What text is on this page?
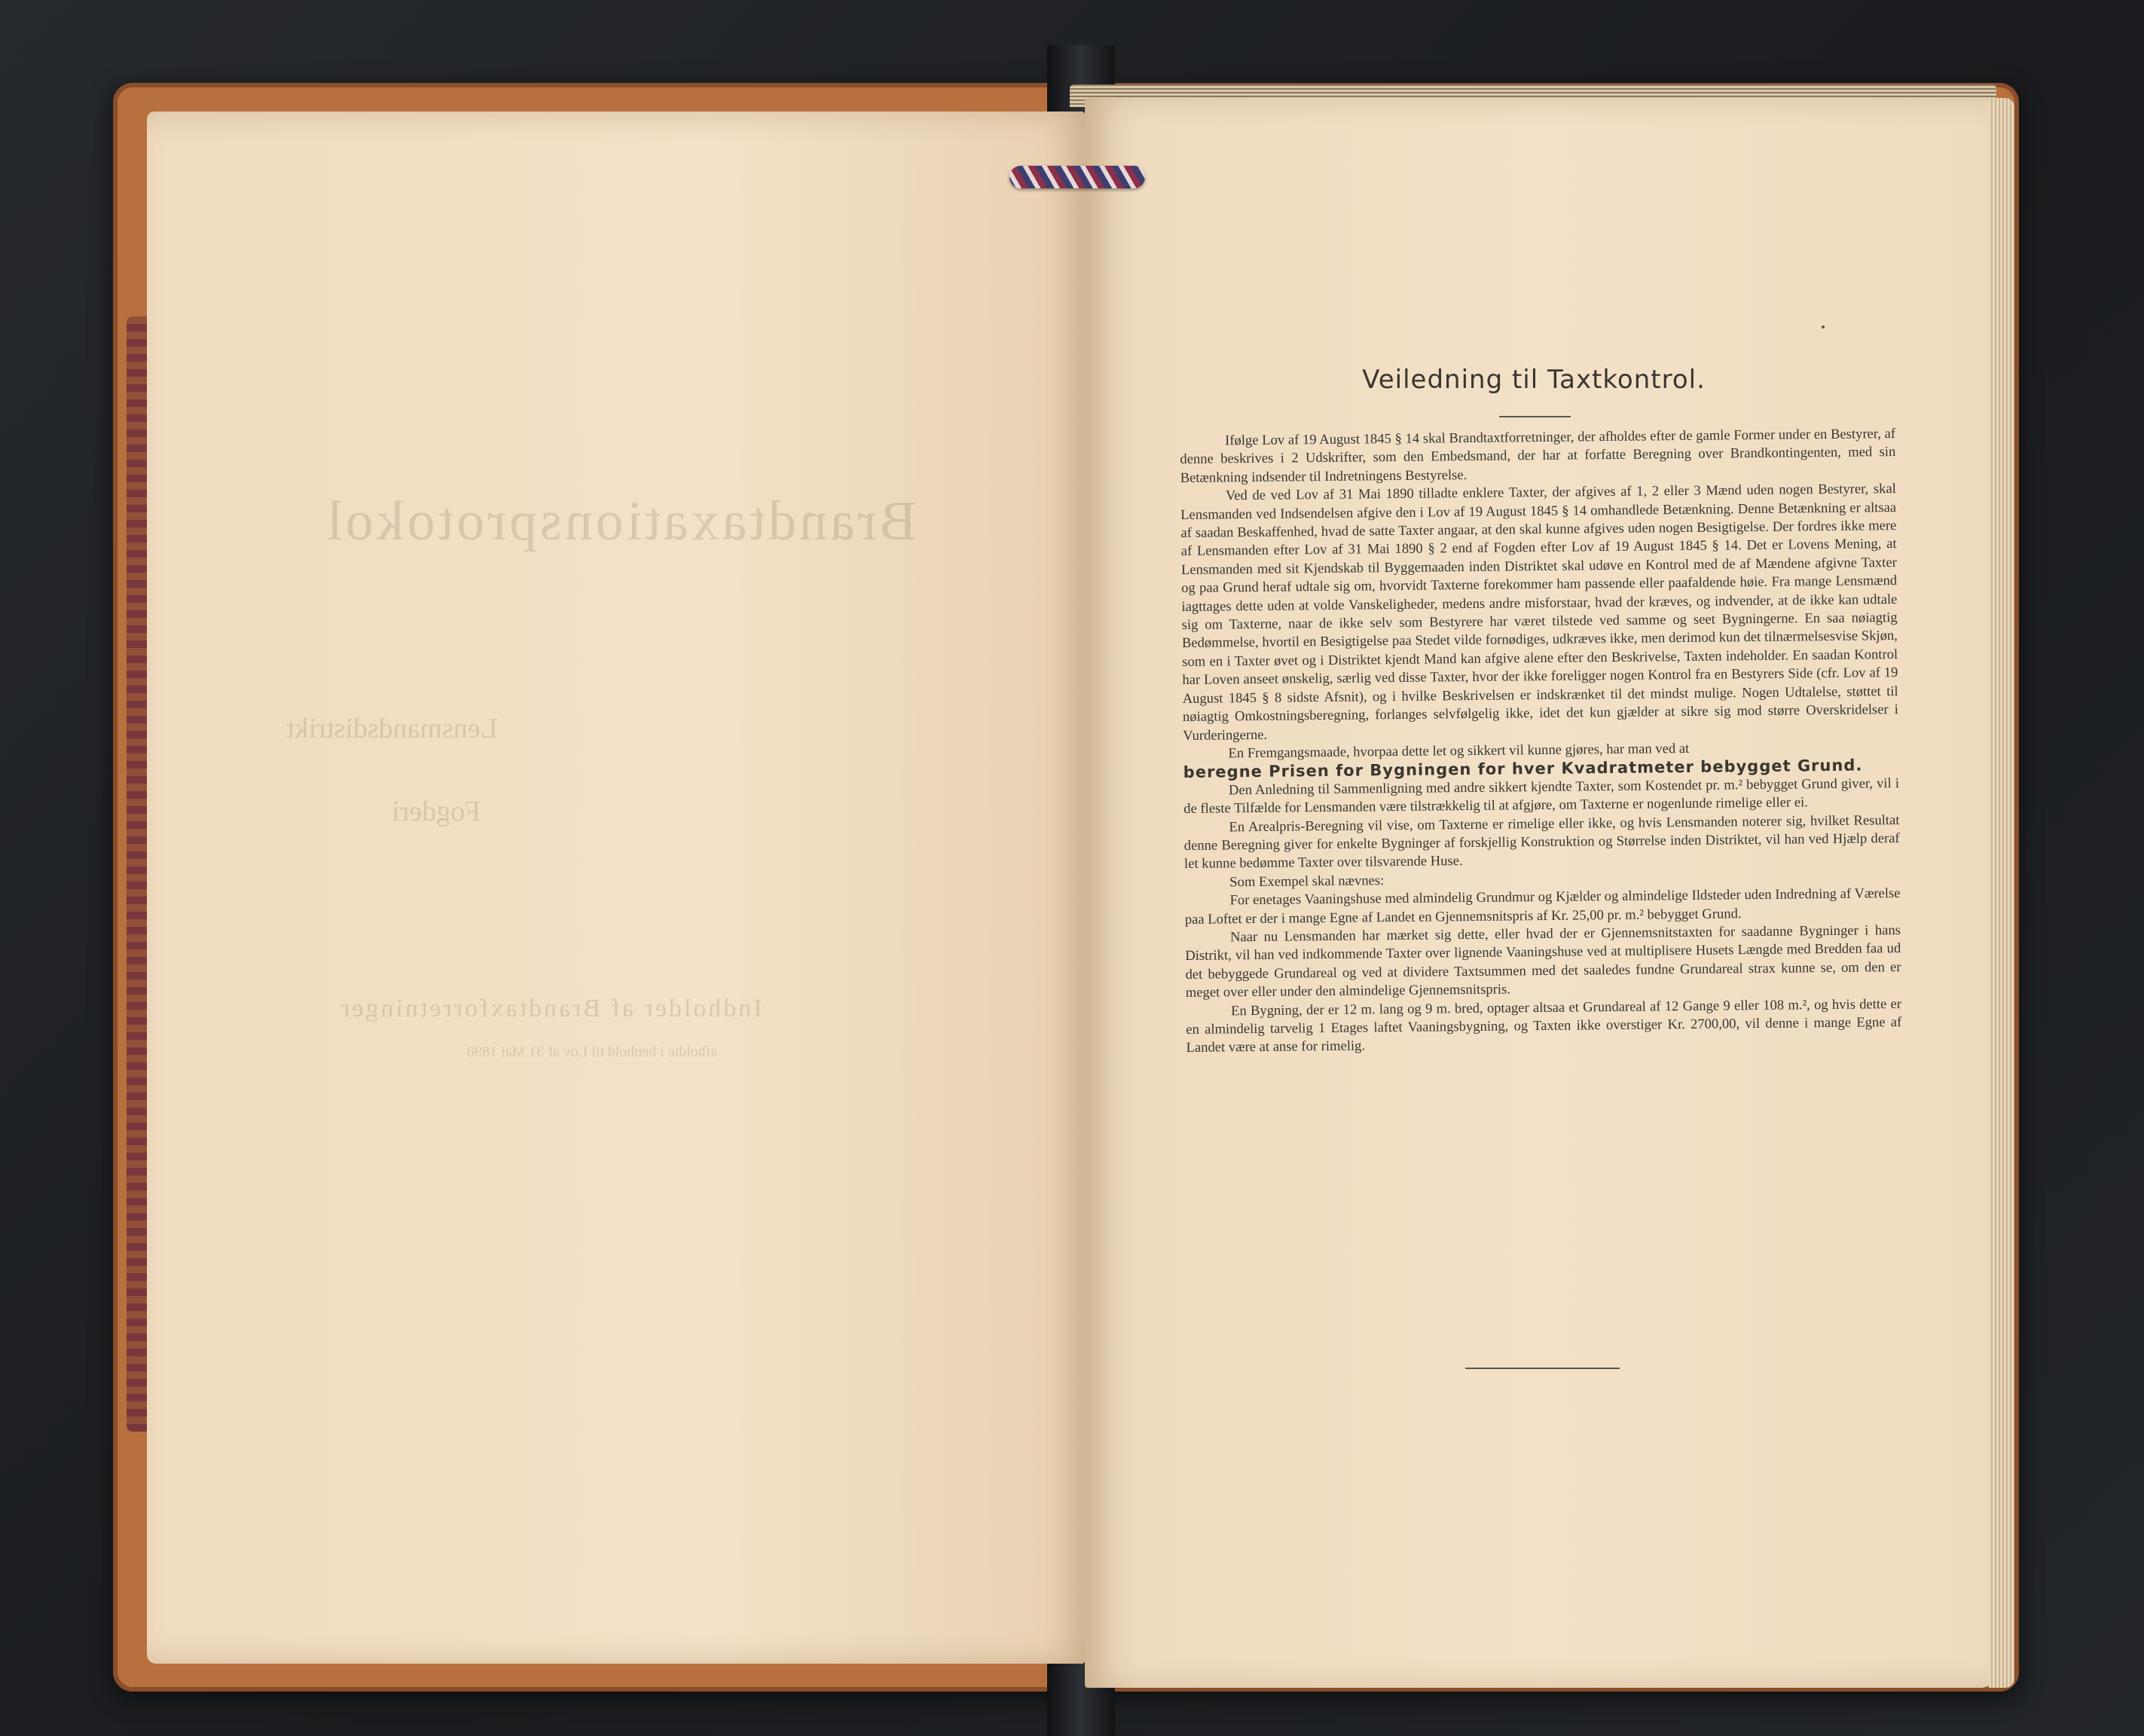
Brandtaxationsprotokol
Lensmandsdistrikt
Fogderi
Indholder af Brandtaxforretninger
afholdte i henhold til Lov af 31 Mai 1890
Veiledning til Taxtkontrol.

Ifølge Lov af 19 August 1845 § 14 skal Brandtaxtforretninger, der afholdes efter de gamle Former under en Bestyrer, af denne beskrives i 2 Udskrifter, som den Embedsmand, der har at forfatte Beregning over Brandkontingenten, med sin Betænkning indsender til Indretningens Bestyrelse.

Ved de ved Lov af 31 Mai 1890 tilladte enklere Taxter, der afgives af 1, 2 eller 3 Mænd uden nogen Bestyrer, skal Lensmanden ved Indsendelsen afgive den i Lov af 19 August 1845 § 14 omhandlede Betænkning. Denne Betænkning er altsaa af saadan Beskaffenhed, hvad de satte Taxter angaar, at den skal kunne afgives uden nogen Besigtigelse. Der fordres ikke mere af Lensmanden efter Lov af 31 Mai 1890 § 2 end af Fogden efter Lov af 19 August 1845 § 14. Det er Lovens Mening, at Lensmanden med sit Kjendskab til Byggemaaden inden Distriktet skal udøve en Kontrol med de af Mændene afgivne Taxter og paa Grund heraf udtale sig om, hvorvidt Taxterne forekommer ham passende eller paafaldende høie. Fra mange Lensmænd iagttages dette uden at volde Vanskeligheder, medens andre misforstaar, hvad der kræves, og indvender, at de ikke kan udtale sig om Taxterne, naar de ikke selv som Bestyrere har været tilstede ved samme og seet Bygningerne. En saa nøiagtig Bedømmelse, hvortil en Besigtigelse paa Stedet vilde fornødiges, udkræves ikke, men derimod kun det tilnærmelsesvise Skjøn, som en i Taxter øvet og i Distriktet kjendt Mand kan afgive alene efter den Beskrivelse, Taxten indeholder. En saadan Kontrol har Loven anseet ønskelig, særlig ved disse Taxter, hvor der ikke foreligger nogen Kontrol fra en Bestyrers Side (cfr. Lov af 19 August 1845 § 8 sidste Afsnit), og i hvilke Beskrivelsen er indskrænket til det mindst mulige. Nogen Udtalelse, støttet til nøiagtig Omkostningsberegning, forlanges selvfølgelig ikke, idet det kun gjælder at sikre sig mod større Overskridelser i Vurderingerne.

En Fremgangsmaade, hvorpaa dette let og sikkert vil kunne gjøres, har man ved at

beregne Prisen for Bygningen for hver Kvadratmeter bebygget Grund.

Den Anledning til Sammenligning med andre sikkert kjendte Taxter, som Kostendet pr. m.² bebygget Grund giver, vil i de fleste Tilfælde for Lensmanden være tilstrækkelig til at afgjøre, om Taxterne er nogenlunde rimelige eller ei.

En Arealpris-Beregning vil vise, om Taxterne er rimelige eller ikke, og hvis Lensmanden noterer sig, hvilket Resultat denne Beregning giver for enkelte Bygninger af forskjellig Konstruktion og Størrelse inden Distriktet, vil han ved Hjælp deraf let kunne bedømme Taxter over tilsvarende Huse.

Som Exempel skal nævnes:

For enetages Vaaningshuse med almindelig Grundmur og Kjælder og almindelige Ildsteder uden Indredning af Værelse paa Loftet er der i mange Egne af Landet en Gjennemsnitspris af Kr. 25,00 pr. m.² bebygget Grund.

Naar nu Lensmanden har mærket sig dette, eller hvad der er Gjennemsnitstaxten for saadanne Bygninger i hans Distrikt, vil han ved indkommende Taxter over lignende Vaaningshuse ved at multiplisere Husets Længde med Bredden faa ud det bebyggede Grundareal og ved at dividere Taxtsummen med det saaledes fundne Grundareal strax kunne se, om den er meget over eller under den almindelige Gjennemsnitspris.

En Bygning, der er 12 m. lang og 9 m. bred, optager altsaa et Grundareal af 12 Gange 9 eller 108 m.², og hvis dette er en almindelig tarvelig 1 Etages laftet Vaaningsbygning, og Taxten ikke overstiger Kr. 2700,00, vil denne i mange Egne af Landet være at anse for rimelig.
